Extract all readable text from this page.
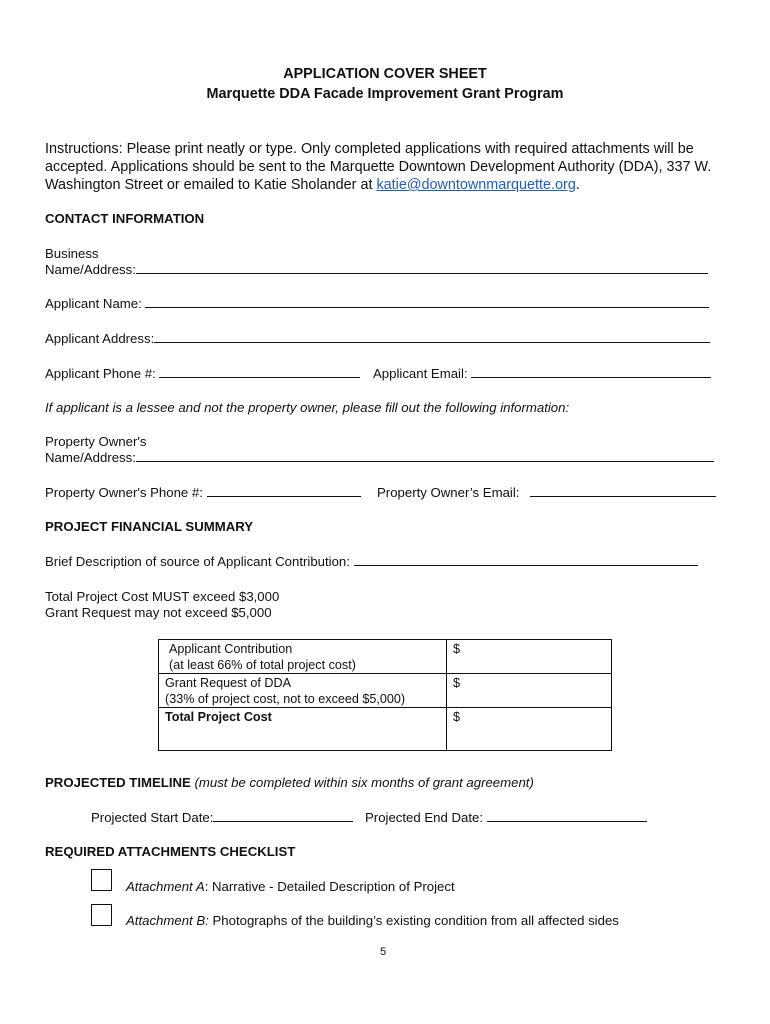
APPLICATION COVER SHEET
Marquette DDA Facade Improvement Grant Program
Instructions: Please print neatly or type. Only completed applications with required attachments will be accepted. Applications should be sent to the Marquette Downtown Development Authority (DDA), 337 W. Washington Street or emailed to Katie Sholander at katie@downtownmarquette.org.
CONTACT INFORMATION
Business
Name/Address:
Applicant Name:
Applicant Address:
Applicant Phone #:	Applicant Email:
If applicant is a lessee and not the property owner, please fill out the following information:
Property Owner's
Name/Address:
Property Owner's Phone #:	Property Owner’s Email:
PROJECT FINANCIAL SUMMARY
Brief Description of source of Applicant Contribution:
Total Project Cost MUST exceed $3,000
Grant Request may not exceed $5,000
Applicant Contribution
(at least 66% of total project cost)	$

Grant Request of DDA
(33% of project cost, not to exceed $5,000)	$

Total Project Cost	$
PROJECTED TIMELINE (must be completed within six months of grant agreement)
Projected Start Date:	Projected End Date:
REQUIRED ATTACHMENTS CHECKLIST
Attachment A: Narrative - Detailed Description of Project
Attachment B: Photographs of the building’s existing condition from all affected sides
5
